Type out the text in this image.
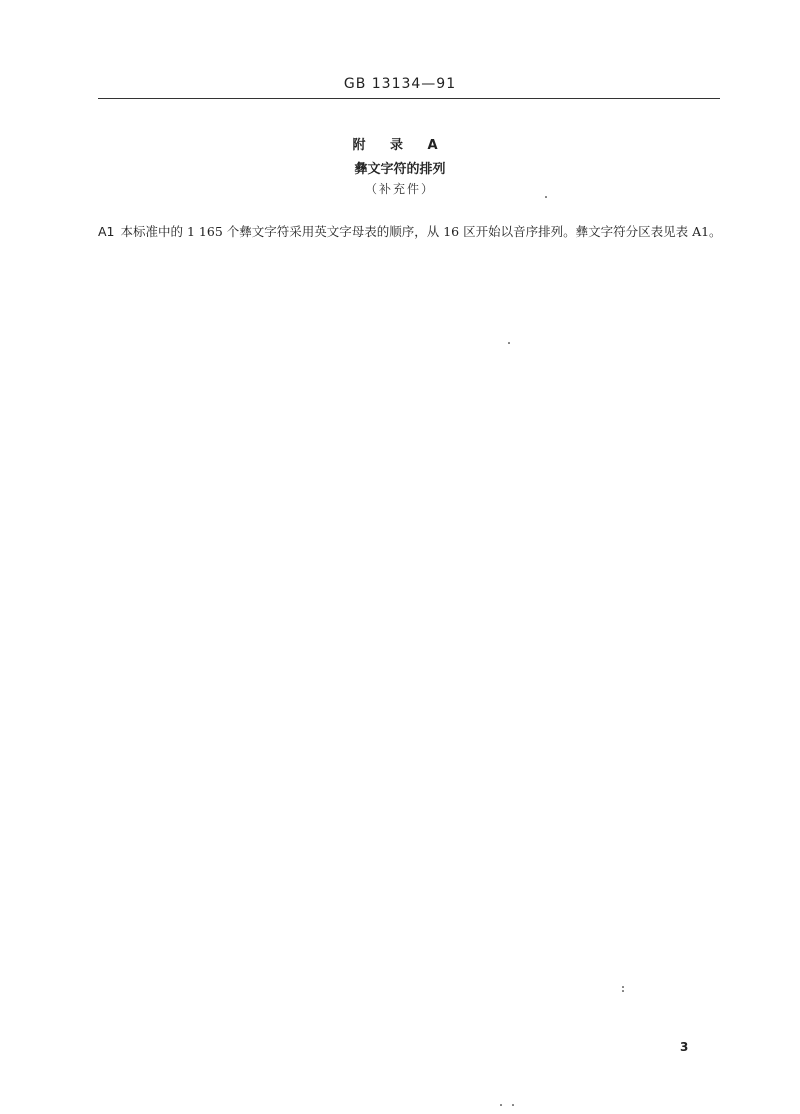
GB 13134—91
附 录 A
彝文字符的排列
（补充件）
A1 本标准中的 1 165 个彝文字符采用英文字母表的顺序，从 16 区开始以音序排列。彝文字符分区表见表 A1。
3
